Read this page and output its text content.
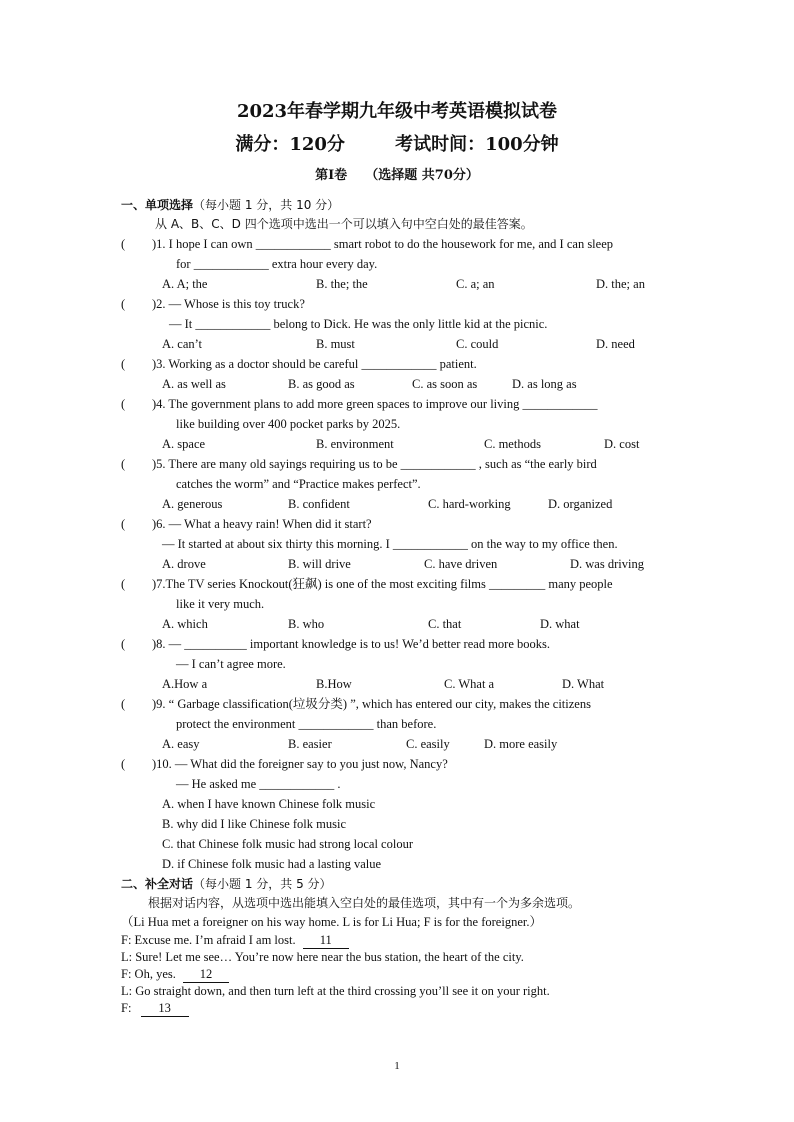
2023年春学期九年级中考英语模拟试卷
满分：120分        考试时间：100分钟
第Ⅰ卷    （选择题 共70分）
一、单项选择（每小题 1 分，共 10 分）
从 A、B、C、D 四个选项中选出一个可以填入句中空白处的最佳答案。
( )1. I hope I can own ____________ smart robot to do the housework for me, and I can sleep
for ____________ extra hour every day.
A. A; the	B. the; the	C. a; an	D. the; an
( )2. — Whose is this toy truck?
— It ____________ belong to Dick. He was the only little kid at the picnic.
A. can’t	B. must	C. could	D. need
( )3. Working as a doctor should be careful ____________ patient.
A. as well as	B. as good as	C. as soon as	D. as long as
( )4. The government plans to add more green spaces to improve our living ____________
like building over 400 pocket parks by 2025.
A. space	B. environment	C. methods	D. cost
( )5. There are many old sayings requiring us to be ____________ , such as “the early bird
catches the worm” and “Practice makes perfect”.
A. generous	B. confident	C. hard-working	D. organized
( )6. — What a heavy rain! When did it start?
— It started at about six thirty this morning. I ____________ on the way to my office then.
A. drove	B. will drive	C. have driven	D. was driving
( )7.The TV series Knockout(狂飙) is one of the most exciting films _________ many people
like it very much.
A. which	B. who	C. that	D. what
( )8. — __________ important knowledge is to us! We’d better read more books.
— I can’t agree more.
A.How a	B.How	C. What a	D. What
( )9. “ Garbage classification(垃圾分类) ”, which has entered our city, makes the citizens
protect the environment ____________ than before.
A. easy	B. easier	C. easily	D. more easily
( )10. — What did the foreigner say to you just now, Nancy?
— He asked me ____________ .
A. when I have known Chinese folk music
B. why did I like Chinese folk music
C. that Chinese folk music had strong local colour
D. if Chinese folk music had a lasting value
二、补全对话（每小题 1 分，共 5 分）
根据对话内容，从选项中选出能填入空白处的最佳选项，其中有一个为多余选项。
（Li Hua met a foreigner on his way home. L is for Li Hua; F is for the foreigner.）
F: Excuse me. I’m afraid I am lost. 11
L: Sure! Let me see… You’re now here near the bus station, the heart of the city.
F: Oh, yes. 12
L: Go straight down, and then turn left at the third crossing you’ll see it on your right.
F: 13
1
